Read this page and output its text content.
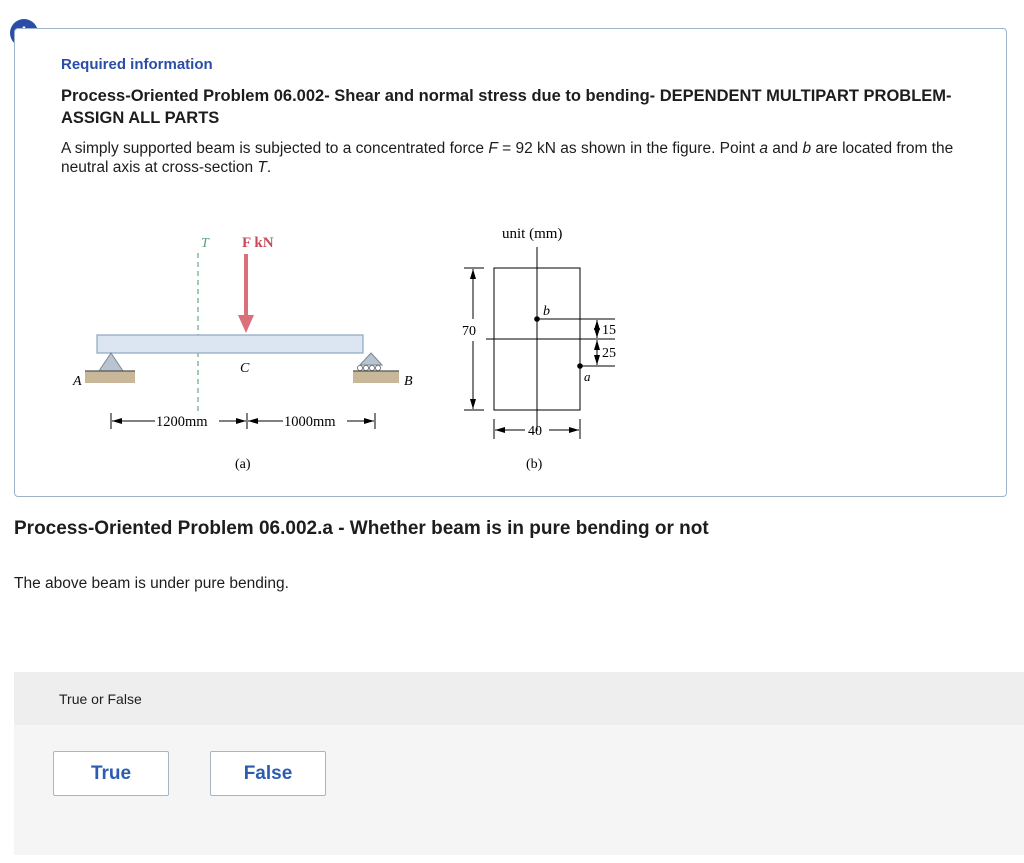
Required information
Process-Oriented Problem 06.002- Shear and normal stress due to bending- DEPENDENT MULTIPART PROBLEM- ASSIGN ALL PARTS
A simply supported beam is subjected to a concentrated force F = 92 kN as shown in the figure. Point a and b are located from the neutral axis at cross-section T.
T F kN
C
A	B
1200mm	1000mm
(a)
unit (mm)
b
a
70
40
15
25
(b)
Process-Oriented Problem 06.002.a - Whether beam is in pure bending or not
The above beam is under pure bending.
True or False
True	False
